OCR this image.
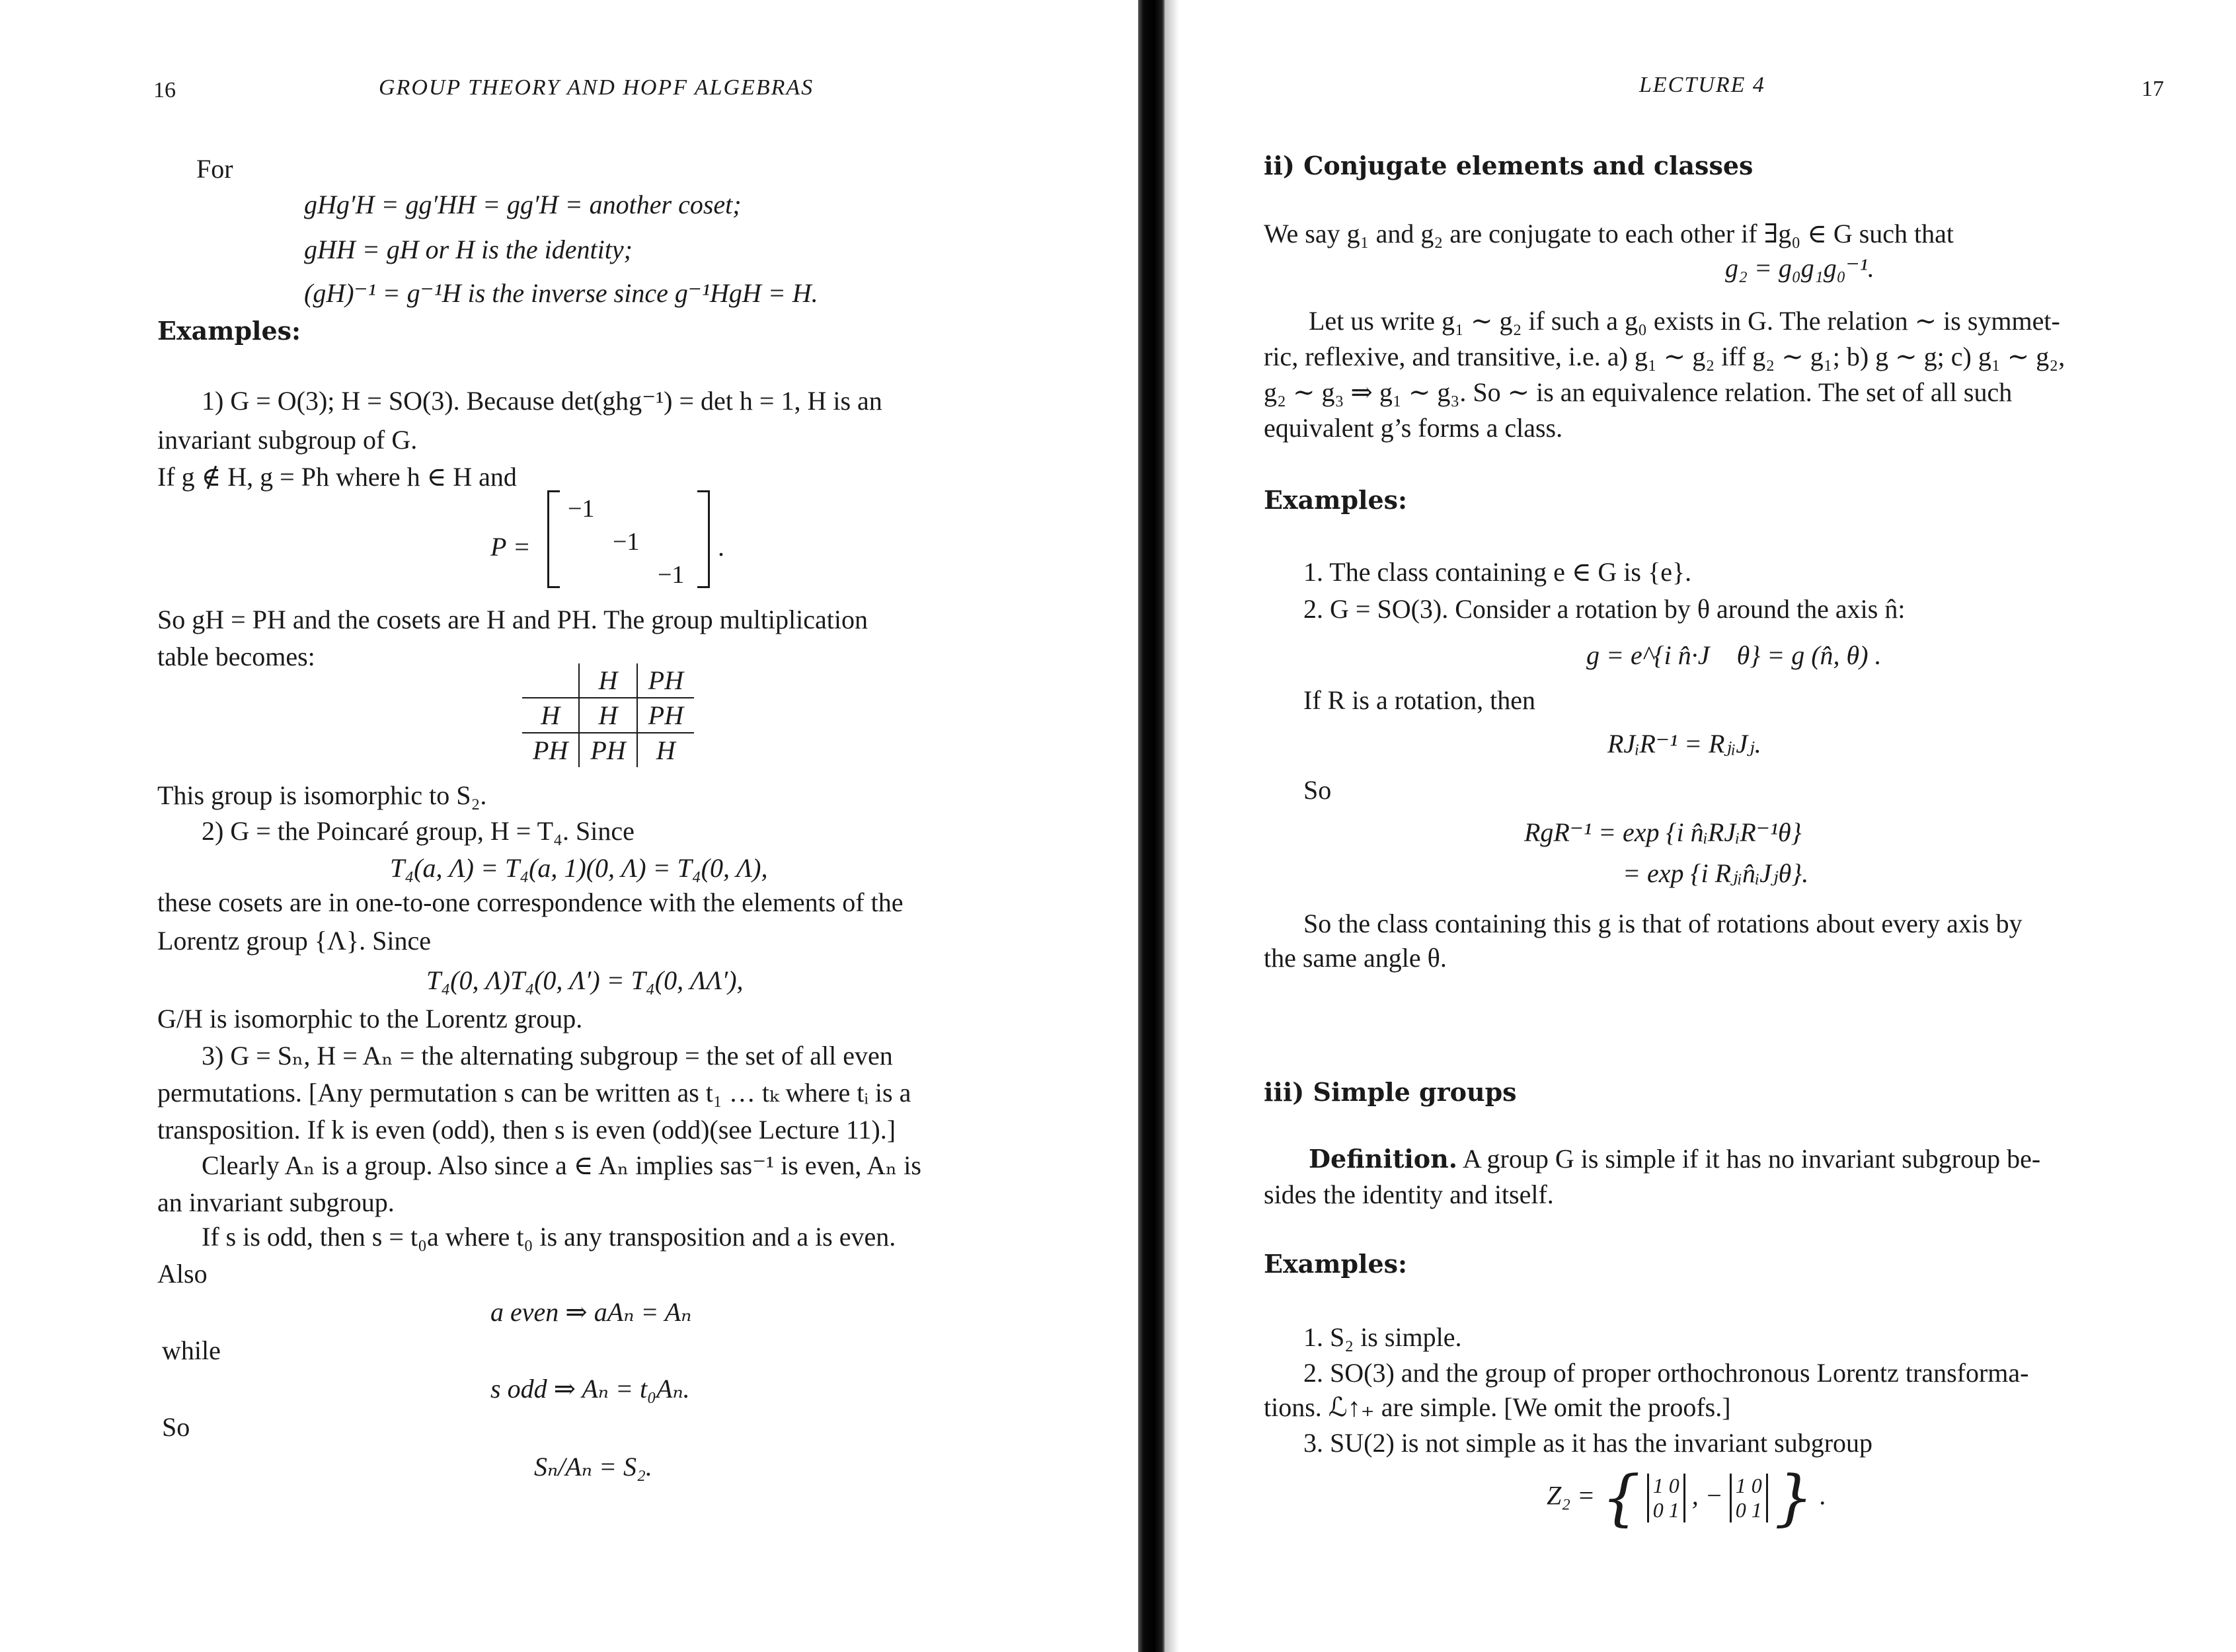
16	GROUP THEORY AND HOPF ALGEBRAS
For
gHg′H = gg′HH = gg′H = another coset;
gHH = gH or H is the identity;
(gH)⁻¹ = g⁻¹H is the inverse since g⁻¹HgH = H.
Examples:
1) G = O(3); H = SO(3). Because det(ghg⁻¹) = det h = 1, H is an
invariant subgroup of G.
If g ∉ H, g = Ph where h ∈ H and
P =
−1
−1
−1
.
So gH = PH and the cosets are H and PH. The group multiplication
table becomes:
	H	PH
H	H	PH
PH	PH	H
This group is isomorphic to S₂.
2) G = the Poincaré group, H = T₄. Since
T₄(a, Λ) = T₄(a, 1)(0, Λ) = T₄(0, Λ),
these cosets are in one-to-one correspondence with the elements of the
Lorentz group {Λ}. Since
T₄(0, Λ)T₄(0, Λ′) = T₄(0, ΛΛ′),
G/H is isomorphic to the Lorentz group.
3) G = Sₙ, H = Aₙ = the alternating subgroup = the set of all even
permutations. [Any permutation s can be written as t₁ … tₖ where tᵢ is a
transposition. If k is even (odd), then s is even (odd)(see Lecture 11).]
Clearly Aₙ is a group. Also since a ∈ Aₙ implies sas⁻¹ is even, Aₙ is
an invariant subgroup.
If s is odd, then s = t₀a where t₀ is any transposition and a is even.
Also
a even ⇒ aAₙ = Aₙ
while
s odd ⇒ Aₙ = t₀Aₙ.
So
Sₙ/Aₙ = S₂.
LECTURE 4	17
ii) Conjugate elements and classes
We say g₁ and g₂ are conjugate to each other if ∃g₀ ∈ G such that
g₂ = g₀g₁g₀⁻¹.
Let us write g₁ ∼ g₂ if such a g₀ exists in G. The relation ∼ is symmet-
ric, reflexive, and transitive, i.e. a) g₁ ∼ g₂ iff g₂ ∼ g₁; b) g ∼ g; c) g₁ ∼ g₂,
g₂ ∼ g₃ ⇒ g₁ ∼ g₃. So ∼ is an equivalence relation. The set of all such
equivalent g’s forms a class.
Examples:
1. The class containing e ∈ G is {e}.
2. G = SO(3). Consider a rotation by θ around the axis n̂:
g = e^{i n̂·J⃗ θ} = g (n̂, θ) .
If R is a rotation, then
RJᵢR⁻¹ = RⱼᵢJⱼ.
So
RgR⁻¹ = exp {i n̂ᵢRJᵢR⁻¹θ}
= exp {i Rⱼᵢn̂ᵢJⱼθ}.
So the class containing this g is that of rotations about every axis by
the same angle θ.
iii) Simple groups
Definition. A group G is simple if it has no invariant subgroup be-
sides the identity and itself.
Examples:
1. S₂ is simple.
2. SO(3) and the group of proper orthochronous Lorentz transforma-
tions. ℒ↑₊ are simple. [We omit the proofs.]
3. SU(2) is not simple as it has the invariant subgroup
Z₂ = { 1 0
0 1 , − 1 0
0 1 } .
